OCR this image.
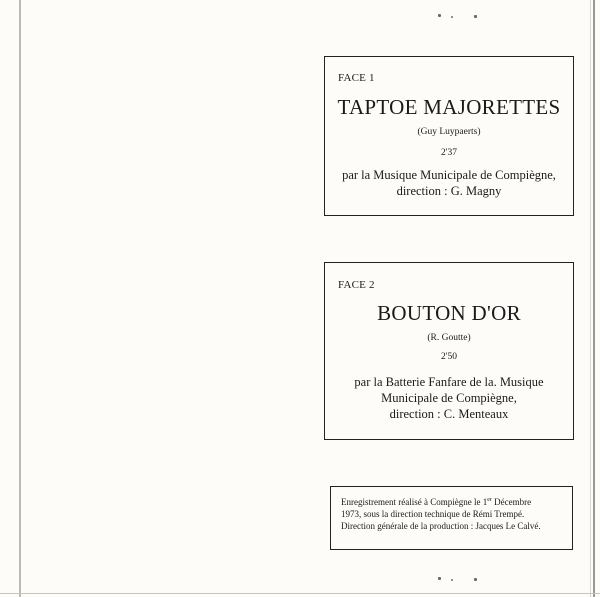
FACE 1
TAPTOE MAJORETTES
(Guy Luypaerts)
2'37
par la Musique Municipale de Compiègne,
direction : G. Magny
FACE 2
BOUTON D'OR
(R. Goutte)
2'50
par la Batterie Fanfare de la. Musique
Municipale de Compiègne,
direction : C. Menteaux

Enregistrement réalisé à Compiègne le 1er Décembre

1973, sous la direction technique de Rémi Trempé.

Direction générale de la production : Jacques Le Calvé.
